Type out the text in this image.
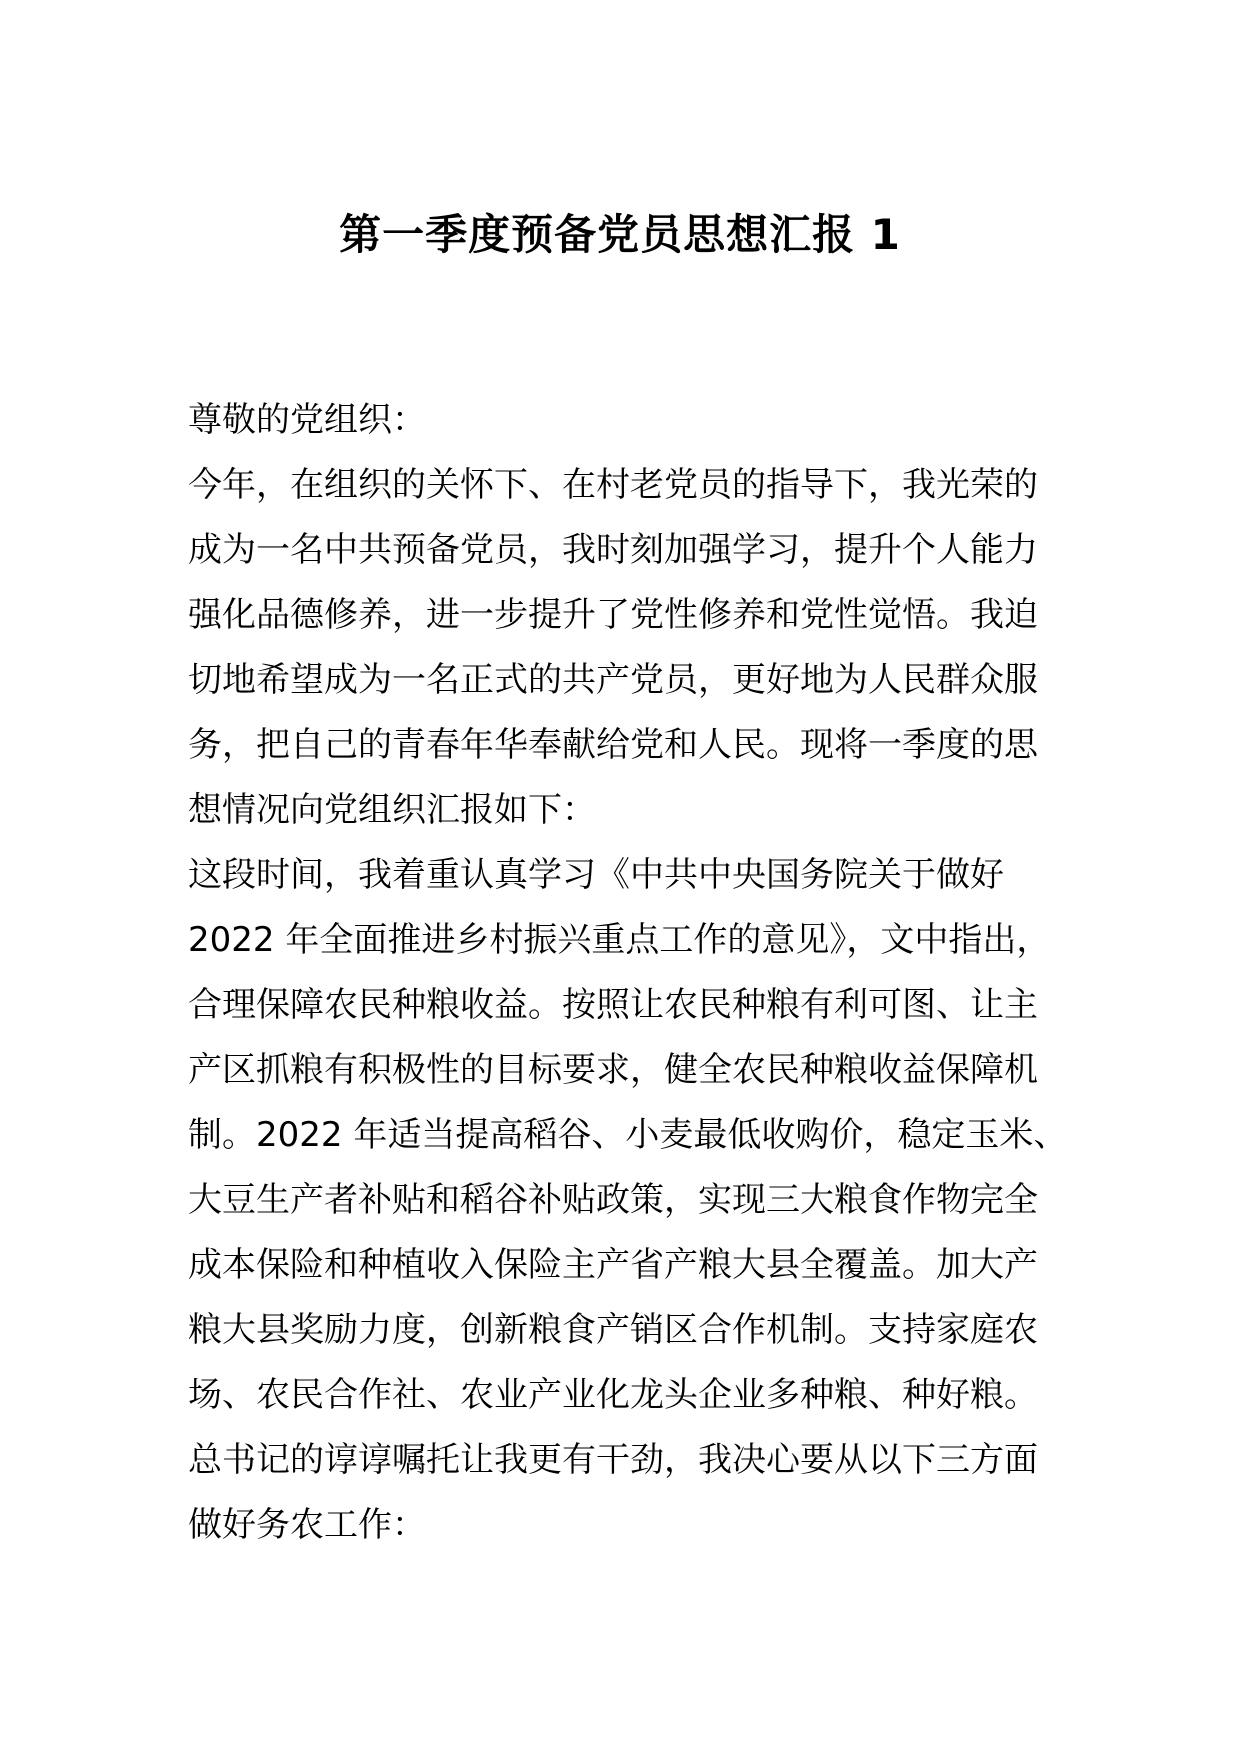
第一季度预备党员思想汇报 1
尊敬的党组织：
今年，在组织的关怀下、在村老党员的指导下，我光荣的
成为一名中共预备党员，我时刻加强学习，提升个人能力
强化品德修养，进一步提升了党性修养和党性觉悟。我迫
切地希望成为一名正式的共产党员，更好地为人民群众服
务，把自己的青春年华奉献给党和人民。现将一季度的思
想情况向党组织汇报如下：
这段时间，我着重认真学习《中共中央国务院关于做好
2022 年全面推进乡村振兴重点工作的意见》，文中指出，
合理保障农民种粮收益。按照让农民种粮有利可图、让主
产区抓粮有积极性的目标要求，健全农民种粮收益保障机
制。2022 年适当提高稻谷、小麦最低收购价，稳定玉米、
大豆生产者补贴和稻谷补贴政策，实现三大粮食作物完全
成本保险和种植收入保险主产省产粮大县全覆盖。加大产
粮大县奖励力度，创新粮食产销区合作机制。支持家庭农
场、农民合作社、农业产业化龙头企业多种粮、种好粮。
总书记的谆谆嘱托让我更有干劲，我决心要从以下三方面
做好务农工作：
